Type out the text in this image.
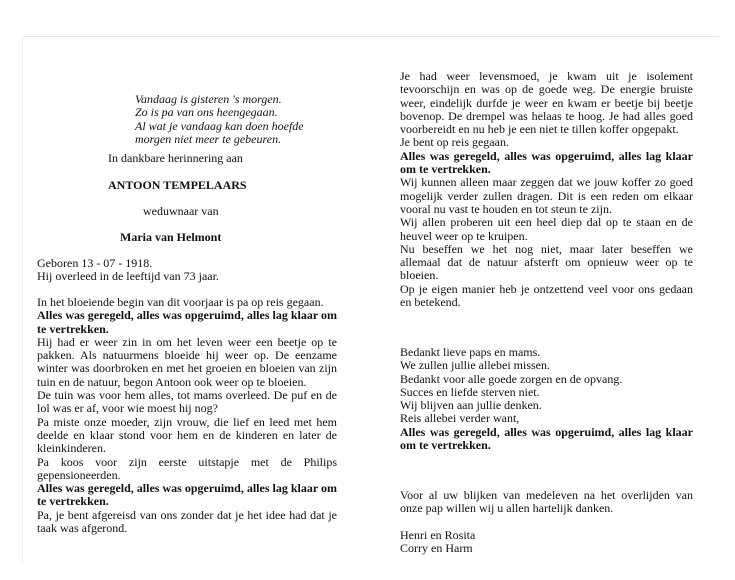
Vandaag is gisteren 's morgen.
Zo is pa van ons heengegaan.
Al wat je vandaag kan doen hoefde
morgen niet meer te gebeuren.
In dankbare herinnering aan
ANTOON TEMPELAARS
weduwnaar van
Maria van Helmont
Geboren 13 - 07 - 1918.
Hij overleed in de leeftijd van 73 jaar.

In het bloeiende begin van dit voorjaar is pa op reis gegaan.

Alles was geregeld, alles was opgeruimd, alles lag klaar om te vertrekken.

Hij had er weer zin in om het leven weer een beetje op te pakken. Als natuurmens bloeide hij weer op. De eenzame winter was doorbroken en met het groeien en bloeien van zijn tuin en de natuur, begon Antoon ook weer op te bloeien.

De tuin was voor hem alles, tot mams overleed. De puf en de lol was er af, voor wie moest hij nog?

Pa miste onze moeder, zijn vrouw, die lief en leed met hem deelde en klaar stond voor hem en de kinderen en later de kleinkinderen.

Pa koos voor zijn eerste uitstapje met de Philips gepensioneerden.

Alles was geregeld, alles was opgeruimd, alles lag klaar om te vertrekken.

Pa, je bent afgereisd van ons zonder dat je het idee had dat je taak was afgerond.

Je had weer levensmoed, je kwam uit je isolement tevoorschijn en was op de goede weg. De energie bruiste weer, eindelijk durfde je weer en kwam er beetje bij beetje bovenop. De drempel was helaas te hoog. Je had alles goed voorbereidt en nu heb je een niet te tillen koffer opgepakt.

Je bent op reis gegaan.

Alles was geregeld, alles was opgeruimd, alles lag klaar om te vertrekken.

Wij kunnen alleen maar zeggen dat we jouw koffer zo goed mogelijk verder zullen dragen. Dit is een reden om elkaar vooral nu vast te houden en tot steun te zijn.

Wij allen proberen uit een heel diep dal op te staan en de heuvel weer op te kruipen.

Nu beseffen we het nog niet, maar later beseffen we allemaal dat de natuur afsterft om opnieuw weer op te bloeien.

Op je eigen manier heb je ontzettend veel voor ons gedaan en betekend.

Bedankt lieve paps en mams.
We zullen jullie allebei missen.
Bedankt voor alle goede zorgen en de opvang.
Succes en liefde sterven niet.
Wij blijven aan jullie denken.
Reis allebei verder want,

Alles was geregeld, alles was opgeruimd, alles lag klaar om te vertrekken.

Voor al uw blijken van medeleven na het overlijden van onze pap willen wij u allen hartelijk danken.

Henri en Rosita
Corry en Harm
